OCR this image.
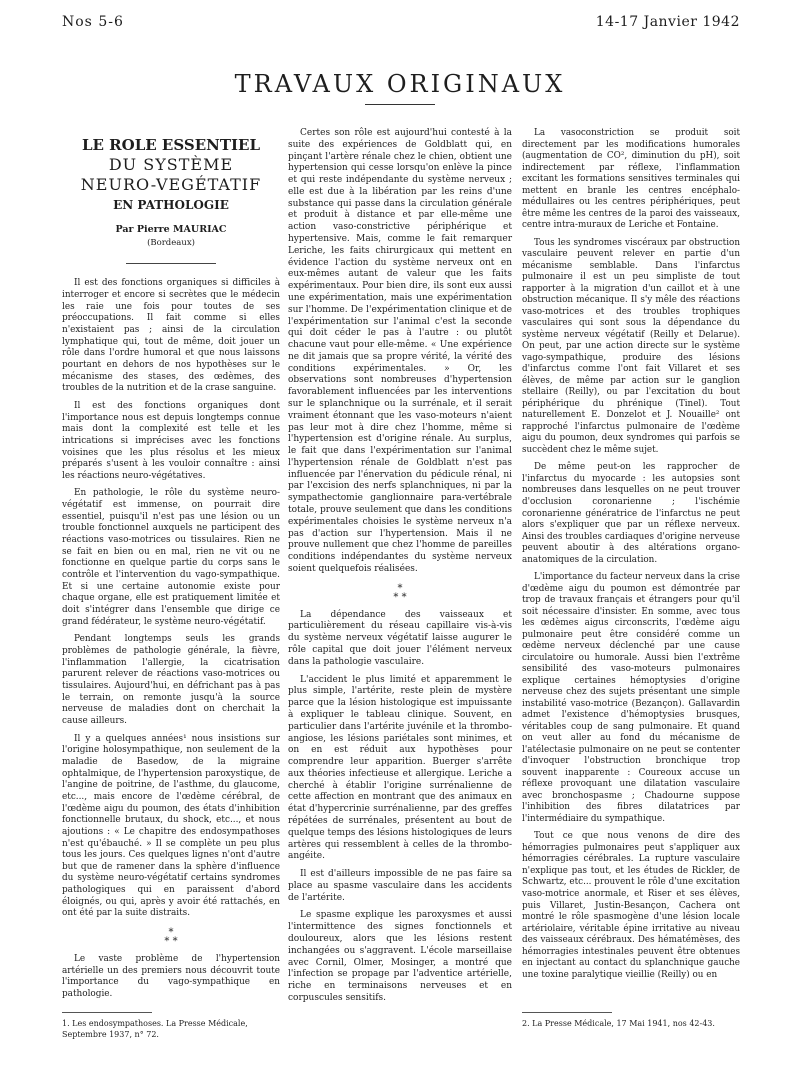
Nos 5-6	14-17 Janvier 1942
TRAVAUX ORIGINAUX
LE ROLE ESSENTIEL
DU SYSTÈME
NEURO-VEGÉTATIF
EN PATHOLOGIE
Par Pierre MAURIAC
(Bordeaux)

Il est des fonctions organiques si difficiles à interroger et encore si secrètes que le médecin les raie une fois pour toutes de ses préoccupations. Il fait comme si elles n'existaient pas ; ainsi de la circulation lymphatique qui, tout de même, doit jouer un rôle dans l'ordre humoral et que nous laissons pourtant en dehors de nos hypothèses sur le mécanisme des stases, des œdèmes, des troubles de la nutrition et de la crase sanguine.

Il est des fonctions organiques dont l'importance nous est depuis longtemps connue mais dont la complexité est telle et les intrications si imprécises avec les fonctions voisines que les plus résolus et les mieux préparés s'usent à les vouloir connaître : ainsi les réactions neuro-végétatives.

En pathologie, le rôle du système neuro-végétatif est immense, on pourrait dire essentiel, puisqu'il n'est pas une lésion ou un trouble fonctionnel auxquels ne participent des réactions vaso-motrices ou tissulaires. Rien ne se fait en bien ou en mal, rien ne vit ou ne fonctionne en quelque partie du corps sans le contrôle et l'intervention du vago-sympathique. Et si une certaine autonomie existe pour chaque organe, elle est pratiquement limitée et doit s'intégrer dans l'ensemble que dirige ce grand fédérateur, le système neuro-végétatif.

Pendant longtemps seuls les grands problèmes de pathologie générale, la fièvre, l'inflammation l'allergie, la cicatrisation parurent relever de réactions vaso-motrices ou tissulaires. Aujourd'hui, en défrichant pas à pas le terrain, on remonte jusqu'à la source nerveuse de maladies dont on cherchait la cause ailleurs.

Il y a quelques années¹ nous insistions sur l'origine holosympathique, non seulement de la maladie de Basedow, de la migraine ophtalmique, de l'hypertension paroxystique, de l'angine de poitrine, de l'asthme, du glaucome, etc..., mais encore de l'œdème cérébral, de l'œdème aigu du poumon, des états d'inhibition fonctionnelle brutaux, du shock, etc..., et nous ajoutions : « Le chapitre des endosympathoses n'est qu'ébauché. » Il se complète un peu plus tous les jours. Ces quelques lignes n'ont d'autre but que de ramener dans la sphère d'influence du système neuro-végétatif certains syndromes pathologiques qui en paraissent d'abord éloignés, ou qui, après y avoir été rattachés, en ont été par la suite distraits.

*
* *

Le vaste problème de l'hypertension artérielle un des premiers nous découvrit toute l'importance du vago-sympathique en pathologie.

Certes son rôle est aujourd'hui contesté à la suite des expériences de Goldblatt qui, en pinçant l'artère rénale chez le chien, obtient une hypertension qui cesse lorsqu'on enlève la pince et qui reste indépendante du système nerveux ; elle est due à la libération par les reins d'une substance qui passe dans la circulation générale et produit à distance et par elle-même une action vaso-constrictive périphérique et hypertensive. Mais, comme le fait remarquer Leriche, les faits chirurgicaux qui mettent en évidence l'action du système nerveux ont en eux-mêmes autant de valeur que les faits expérimentaux. Pour bien dire, ils sont eux aussi une expérimentation, mais une expérimentation sur l'homme. De l'expérimentation clinique et de l'expérimentation sur l'animal c'est la seconde qui doit céder le pas à l'autre : ou plutôt chacune vaut pour elle-même. « Une expérience ne dit jamais que sa propre vérité, la vérité des conditions expérimentales. » Or, les observations sont nombreuses d'hypertension favorablement influencées par les interventions sur le splanchnique ou la surrénale, et il serait vraiment étonnant que les vaso-moteurs n'aient pas leur mot à dire chez l'homme, même si l'hypertension est d'origine rénale. Au surplus, le fait que dans l'expérimentation sur l'animal l'hypertension rénale de Goldblatt n'est pas influencée par l'énervation du pédicule rénal, ni par l'excision des nerfs splanchniques, ni par la sympathectomie ganglionnaire para-vertébrale totale, prouve seulement que dans les conditions expérimentales choisies le système nerveux n'a pas d'action sur l'hypertension. Mais il ne prouve nullement que chez l'homme de pareilles conditions indépendantes du système nerveux soient quelquefois réalisées.

*
* *

La dépendance des vaisseaux et particulièrement du réseau capillaire vis-à-vis du système nerveux végétatif laisse augurer le rôle capital que doit jouer l'élément nerveux dans la pathologie vasculaire.

L'accident le plus limité et apparemment le plus simple, l'artérite, reste plein de mystère parce que la lésion histologique est impuissante à expliquer le tableau clinique. Souvent, en particulier dans l'artérite juvénile et la thrombo-angiose, les lésions pariétales sont minimes, et on en est réduit aux hypothèses pour comprendre leur apparition. Buerger s'arrête aux théories infectieuse et allergique. Leriche a cherché à établir l'origine surrénalienne de cette affection en montrant que des animaux en état d'hypercrinie surrénalienne, par des greffes répétées de surrénales, présentent au bout de quelque temps des lésions histologiques de leurs artères qui ressemblent à celles de la thrombo-angéite.

Il est d'ailleurs impossible de ne pas faire sa place au spasme vasculaire dans les accidents de l'artérite.

Le spasme explique les paroxysmes et aussi l'intermittence des signes fonctionnels et douloureux, alors que les lésions restent inchangées ou s'aggravent. L'école marseillaise avec Cornil, Olmer, Mosinger, a montré que l'infection se propage par l'adventice artérielle, riche en terminaisons nerveuses et en corpuscules sensitifs.

La vasoconstriction se produit soit directement par les modifications humorales (augmentation de CO², diminution du pH), soit indirectement par réflexe, l'inflammation excitant les formations sensitives terminales qui mettent en branle les centres encéphalo-médullaires ou les centres périphériques, peut être même les centres de la paroi des vaisseaux, centre intra-muraux de Leriche et Fontaine.

Tous les syndromes viscéraux par obstruction vasculaire peuvent relever en partie d'un mécanisme semblable. Dans l'infarctus pulmonaire il est un peu simpliste de tout rapporter à la migration d'un caillot et à une obstruction mécanique. Il s'y mêle des réactions vaso-motrices et des troubles trophiques vasculaires qui sont sous la dépendance du système nerveux végétatif (Reilly et Delarue). On peut, par une action directe sur le système vago-sympathique, produire des lésions d'infarctus comme l'ont fait Villaret et ses élèves, de même par action sur le ganglion stellaire (Reilly), ou par l'excitation du bout périphérique du phrénique (Tinel). Tout naturellement E. Donzelot et J. Nouaille² ont rapproché l'infarctus pulmonaire de l'œdème aigu du poumon, deux syndromes qui parfois se succèdent chez le même sujet.

De même peut-on les rapprocher de l'infarctus du myocarde : les autopsies sont nombreuses dans lesquelles on ne peut trouver d'occlusion coronarienne ; l'ischémie coronarienne génératrice de l'infarctus ne peut alors s'expliquer que par un réflexe nerveux. Ainsi des troubles cardiaques d'origine nerveuse peuvent aboutir à des altérations organo-anatomiques de la circulation.

L'importance du facteur nerveux dans la crise d'œdème aigu du poumon est démontrée par trop de travaux français et étrangers pour qu'il soit nécessaire d'insister. En somme, avec tous les œdèmes aigus circonscrits, l'œdème aigu pulmonaire peut être considéré comme un œdème nerveux déclenché par une cause circulatoire ou humorale. Aussi bien l'extrême sensibilité des vaso-moteurs pulmonaires explique certaines hémoptysies d'origine nerveuse chez des sujets présentant une simple instabilité vaso-motrice (Bezançon). Gallavardin admet l'existence d'hémoptysies brusques, véritables coup de sang pulmonaire. Et quand on veut aller au fond du mécanisme de l'atélectasie pulmonaire on ne peut se contenter d'invoquer l'obstruction bronchique trop souvent inapparente : Coureoux accuse un réflexe provoquant une dilatation vasculaire avec bronchospasme ; Chadourne suppose l'inhibition des fibres dilatatrices par l'intermédiaire du sympathique.

Tout ce que nous venons de dire des hémorragies pulmonaires peut s'appliquer aux hémorragies cérébrales. La rupture vasculaire n'explique pas tout, et les études de Rickler, de Schwartz, etc... prouvent le rôle d'une excitation vaso-motrice anormale, et Riser et ses élèves, puis Villaret, Justin-Besançon, Cachera ont montré le rôle spasmogène d'une lésion locale artériolaire, véritable épine irritative au niveau des vaisseaux cérébraux. Des hématémèses, des hémorragies intestinales peuvent être obtenues en injectant au contact du splanchnique gauche une toxine paralytique vieillie (Reilly) ou en

1. Les endosympathoses. La Presse Médicale, Septembre 1937, n° 72.
2. La Presse Médicale, 17 Mai 1941, nos 42-43.
